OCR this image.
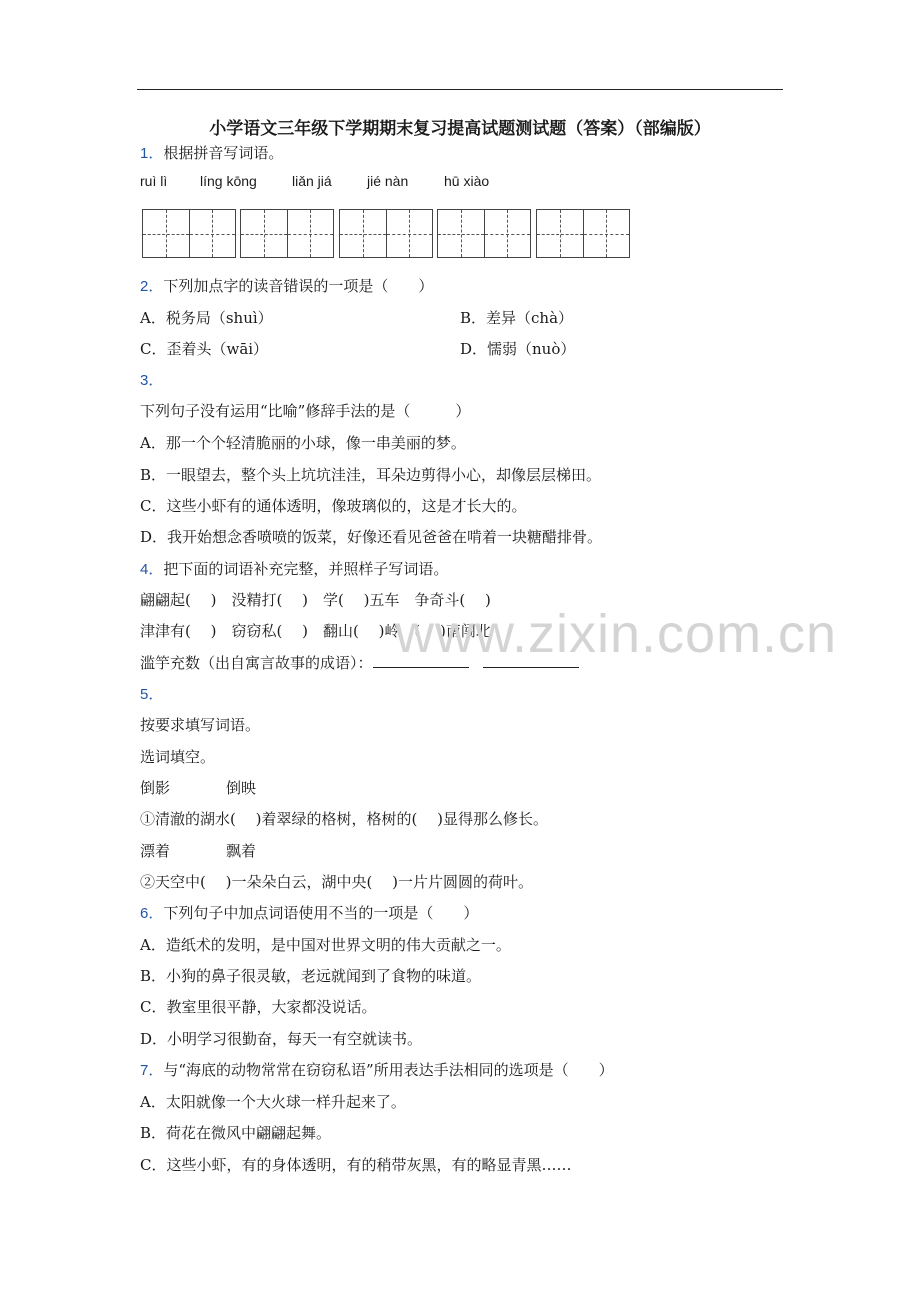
小学语文三年级下学期期末复习提高试题测试题（答案）（部编版）
1．根据拼音写词语。
ruì lì líng kōng	liǎn jiá	jié nàn	hū xiào
2．下列加点字的读音错误的一项是（　　）
A．税务局（shuì）	B．差异（chà）
C．歪着头（wāi）	D．懦弱（nuò）
3．
下列句子没有运用“比喻”修辞手法的是（　　　）
A．那一个个轻清脆丽的小球，像一串美丽的梦。
B．一眼望去，整个头上坑坑洼洼，耳朵边剪得小心，却像层层梯田。
C．这些小虾有的通体透明，像玻璃似的，这是才长大的。
D．我开始想念香喷喷的饭菜，好像还看见爸爸在啃着一块糖醋排骨。
4．把下面的词语补充完整，并照样子写词语。
翩翩起(　 )　没精打(　 )　学(　 )五车　争奇斗(　 )
津津有(　 )　窃窃私(　 )　翻山(　 )岭　(　 )南闯北
滥竽充数（出自寓言故事的成语）：
5．
按要求填写词语。
选词填空。
倒影	倒映
①清澈的湖水(　 )着翠绿的格树，格树的(　 )显得那么修长。
漂着	飘着
②天空中(　 )一朵朵白云，湖中央(　 )一片片圆圆的荷叶。
6．下列句子中加点词语使用不当的一项是（　　）
A．造纸术的发明，是中国对世界文明的伟大贡献之一。
B．小狗的鼻子很灵敏，老远就闻到了食物的味道。
C．教室里很平静，大家都没说话。
D．小明学习很勤奋，每天一有空就读书。
7．与“海底的动物常常在窃窃私语”所用表达手法相同的选项是（　　）
A．太阳就像一个大火球一样升起来了。
B．荷花在微风中翩翩起舞。
C．这些小虾，有的身体透明，有的稍带灰黑，有的略显青黑……
www.zixin.com.cn
